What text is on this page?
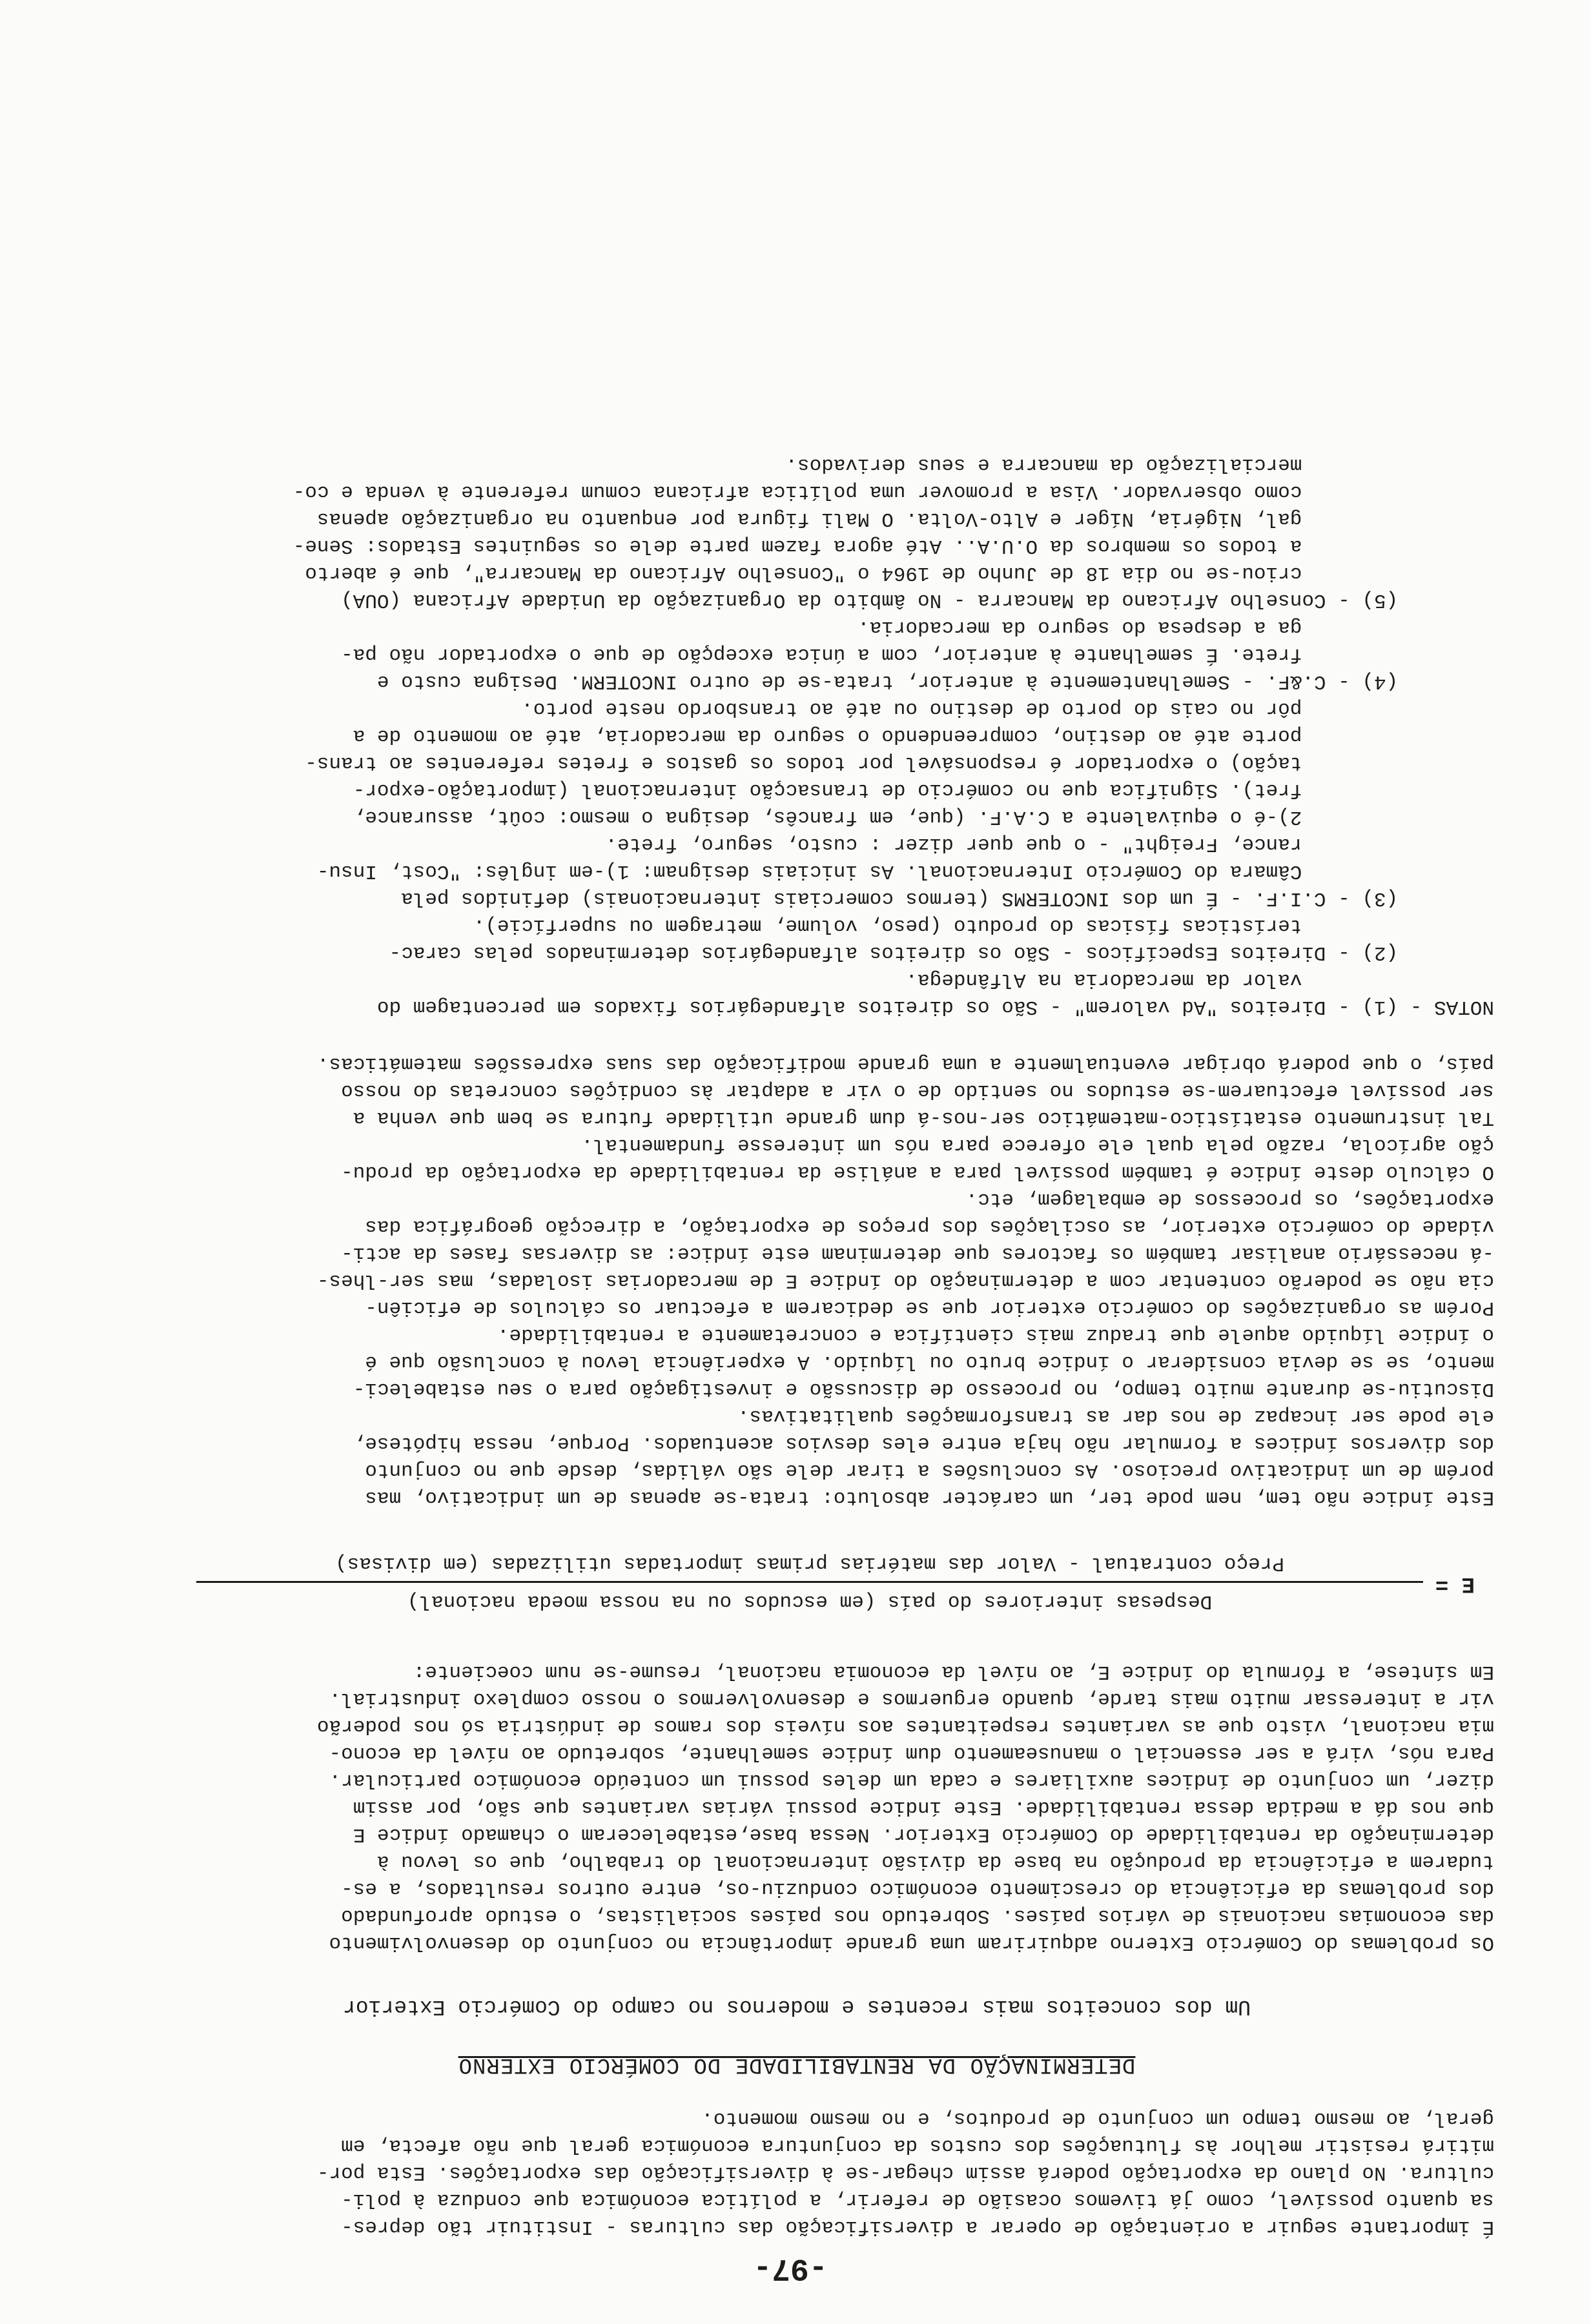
-97-
É importante seguir a orientação de operar a diversificação das culturas - Instituir tão depres-
sa quanto possível, como já tivemos ocasião de referir, a política económica que conduza à poli-
cultura. No plano da exportação poderá assim chegar-se à diversificação das exportações. Esta por-
mitirá resistir melhor às flutuações dos custos da conjuntura económica geral que não afecta, em
geral, ao mesmo tempo um conjunto de produtos, e no mesmo momento.
DETERMINAÇÃO DA RENTABILIDADE DO COMÉRCIO EXTERNO
Um dos conceitos mais recentes e modernos no campo do Comércio Exterior
Os problemas do Comércio Externo adquiriram uma grande importância no conjunto do desenvolvimento
das economias nacionais de vários países. Sobretudo nos países socialistas, o estudo aprofundado
dos problemas da eficiência do crescimento económico conduziu-os, entre outros resultados, a es-
tudarem a eficiência da produção na base da divisão internacional do trabalho, que os levou à
determinação da rentabilidade do Comércio Exterior. Nessa base,estabeleceram o chamado índice E
que nos dá a medida dessa rentabilidade. Este índice possui várias variantes que são, por assim
dizer, um conjunto de índices auxiliares e cada um deles possui um conteúdo económico particular.
Para nós, virá a ser essencial o manuseamento dum índice semelhante, sobretudo ao nível da econo-
mia nacional, visto que as variantes respeitantes aos níveis dos ramos de indústria só nos poderão
vir a interessar muito mais tarde, quando erguermos e desenvolvermos o nosso complexo industrial.
Em síntese, a fórmula do índice E, ao nível da economia nacional, resume-se num coeciente:
E =
Despesas interiores do país (em escudos ou na nossa moeda nacional)
Preço contratual - Valor das matérias primas importadas utilizadas (em divisas)
Este índice não tem, nem pode ter, um carácter absoluto: trata-se apenas de um indicativo, mas
porém de um indicativo precioso. As conclusões a tirar dele são válidas, desde que no conjunto
dos diversos índices a formular não haja entre eles desvios acentuados. Porque, nessa hipótese,
ele pode ser incapaz de nos dar as transformações qualitativas.
Discutiu-se durante muito tempo, no processo de discussão e investigação para o seu estabeleci-
mento, se se devia considerar o índice bruto ou líquido. A experiência levou à conclusão que é
o índice líquido aquele que traduz mais científica e concretamente a rentabilidade.
Porém as organizações do comércio exterior que se dedicarem a efectuar os cálculos de eficiên-
cia não se poderão contentar com a determinação do índice E de mercadorias isoladas, mas ser-lhes-
-á necessário analisar também os factores que determinam este índice: as diversas fases da acti-
vidade do comércio exterior, as oscilações dos preços de exportação, a direcção geográfica das
exportações, os processos de embalagem, etc.
O cálculo deste índice é também possível para a análise da rentabilidade da exportação da produ-
ção agrícola, razão pela qual ele oferece para nós um interesse fundamental.
Tal instrumento estatístico-matemático ser-nos-á dum grande utilidade futura se bem que venha a
ser possível efectuarem-se estudos no sentido de o vir a adaptar às condições concretas do nosso
país, o que poderá obrigar eventualmente a uma grande modificação das suas expressões matemáticas.
NOTAS - (1) - Direitos "Ad valorem" - São os direitos alfandegários fixados em percentagem do
valor da mercadoria na Alfândega.
(2) - Direitos Específicos - São os direitos alfandegários determinados pelas carac-
terísticas físicas do produto (peso, volume, metragem ou superfície).
(3) - C.I.F. - É um dos INCOTERMS (termos comerciais internacionais) definidos pela
Câmara do Comércio Internacional. As iniciais designam: 1)-em inglês: "Cost, Insu-
rance, Freight" - o que quer dizer : custo, seguro, frete.
2)-é o equivalente a C.A.F. (que, em francês, designa o mesmo: coût, assurance,
fret). Significa que no comércio de transacção internacional (importação-expor-
tação) o exportador é responsável por todos os gastos e fretes referentes ao trans-
porte até ao destino, compreendendo o seguro da mercadoria, até ao momento de a
pôr no cais do porto de destino ou até ao transbordo neste porto.
(4) - C.&F. - Semelhantemente à anterior, trata-se de outro INCOTERM. Designa custo e
frete. É semelhante à anterior, com a única excepção de que o exportador não pa-
ga a despesa do seguro da mercadoria.
(5) - Conselho Africano da Mancarra - No âmbito da Organização da Unidade Africana (OUA)
criou-se no dia 18 de Junho de 1964 o "Conselho Africano da Mancarra", que é aberto
a todos os membros da O.U.A.. Até agora fazem parte dele os seguintes Estados: Sene-
gal, Nigéria, Níger e Alto-Volta. O Mali figura por enquanto na organização apenas
como observador. Visa a promover uma política africana comum referente à venda e co-
mercialização da mancarra e seus derivados.
